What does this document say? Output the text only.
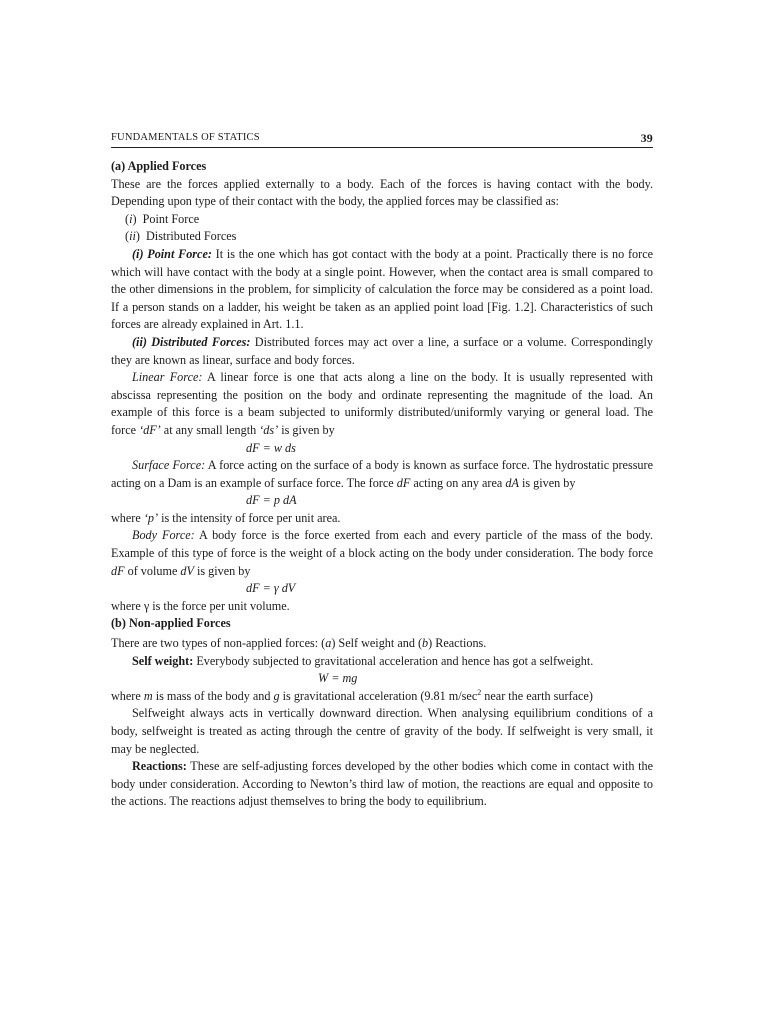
FUNDAMENTALS OF STATICS	39

(a) Applied Forces

These are the forces applied externally to a body. Each of the forces is having contact with the body. Depending upon type of their contact with the body, the applied forces may be classified as:

(i)  Point Force

(ii)  Distributed Forces

(i) Point Force: It is the one which has got contact with the body at a point. Practically there is no force which will have contact with the body at a single point. However, when the contact area is small compared to the other dimensions in the problem, for simplicity of calculation the force may be considered as a point load. If a person stands on a ladder, his weight be taken as an applied point load [Fig. 1.2]. Characteristics of such forces are already explained in Art. 1.1.

(ii) Distributed Forces: Distributed forces may act over a line, a surface or a volume. Correspondingly they are known as linear, surface and body forces.

Linear Force: A linear force is one that acts along a line on the body. It is usually represented with abscissa representing the position on the body and ordinate representing the magnitude of the load. An example of this force is a beam subjected to uniformly distributed/uniformly varying or general load. The force ‘dF’ at any small length ‘ds’ is given by

dF = w ds

Surface Force: A force acting on the surface of a body is known as surface force. The hydrostatic pressure acting on a Dam is an example of surface force. The force dF acting on any area dA is given by

dF = p dA

where ‘p’ is the intensity of force per unit area.

Body Force: A body force is the force exerted from each and every particle of the mass of the body. Example of this type of force is the weight of a block acting on the body under consideration. The body force dF of volume dV is given by

dF = γ dV

where γ is the force per unit volume.

(b) Non-applied Forces

There are two types of non-applied forces: (a) Self weight and (b) Reactions.

Self weight: Everybody subjected to gravitational acceleration and hence has got a selfweight.

W = mg

where m is mass of the body and g is gravitational acceleration (9.81 $m/\sec^2$ near the earth surface)

Selfweight always acts in vertically downward direction. When analysing equilibrium conditions of a body, selfweight is treated as acting through the centre of gravity of the body. If selfweight is very small, it may be neglected.

Reactions: These are self-adjusting forces developed by the other bodies which come in contact with the body under consideration. According to Newton’s third law of motion, the reactions are equal and opposite to the actions. The reactions adjust themselves to bring the body to equilibrium.
